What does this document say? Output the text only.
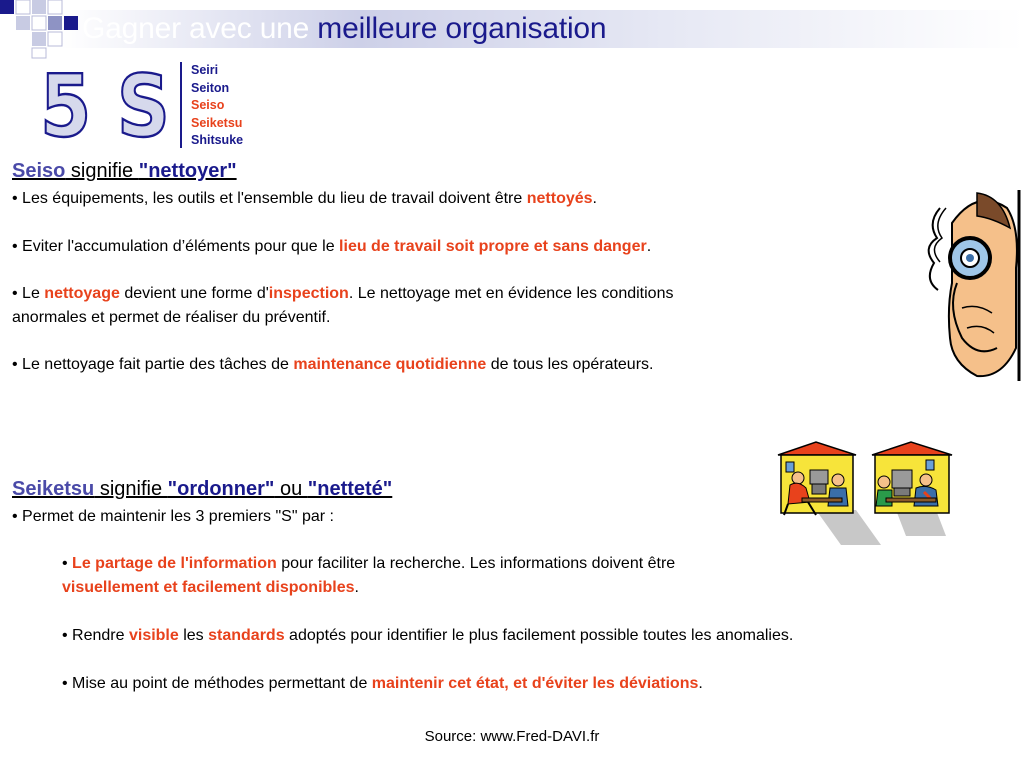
Gagner avec une meilleure organisation
5 S Seiri
Seiton
Seiso
Seiketsu
Shitsuke
Seiso signifie "nettoyer"
• Les équipements, les outils et l'ensemble du lieu de travail doivent être nettoyés.
• Eviter l'accumulation d’éléments pour que le lieu de travail soit propre et sans danger.
• Le nettoyage devient une forme d'inspection. Le nettoyage met en évidence les conditions
anormales et permet de réaliser du préventif.
• Le nettoyage fait partie des tâches de maintenance quotidienne de tous les opérateurs.
Seiketsu signifie "ordonner" ou "netteté"
• Permet de maintenir les 3 premiers "S" par :
• Le partage de l'information pour faciliter la recherche. Les informations doivent être
visuellement et facilement disponibles.
• Rendre visible les standards adoptés pour identifier le plus facilement possible toutes les anomalies.
• Mise au point de méthodes permettant de maintenir cet état, et d'éviter les déviations.
Source: www.Fred-DAVI.fr
